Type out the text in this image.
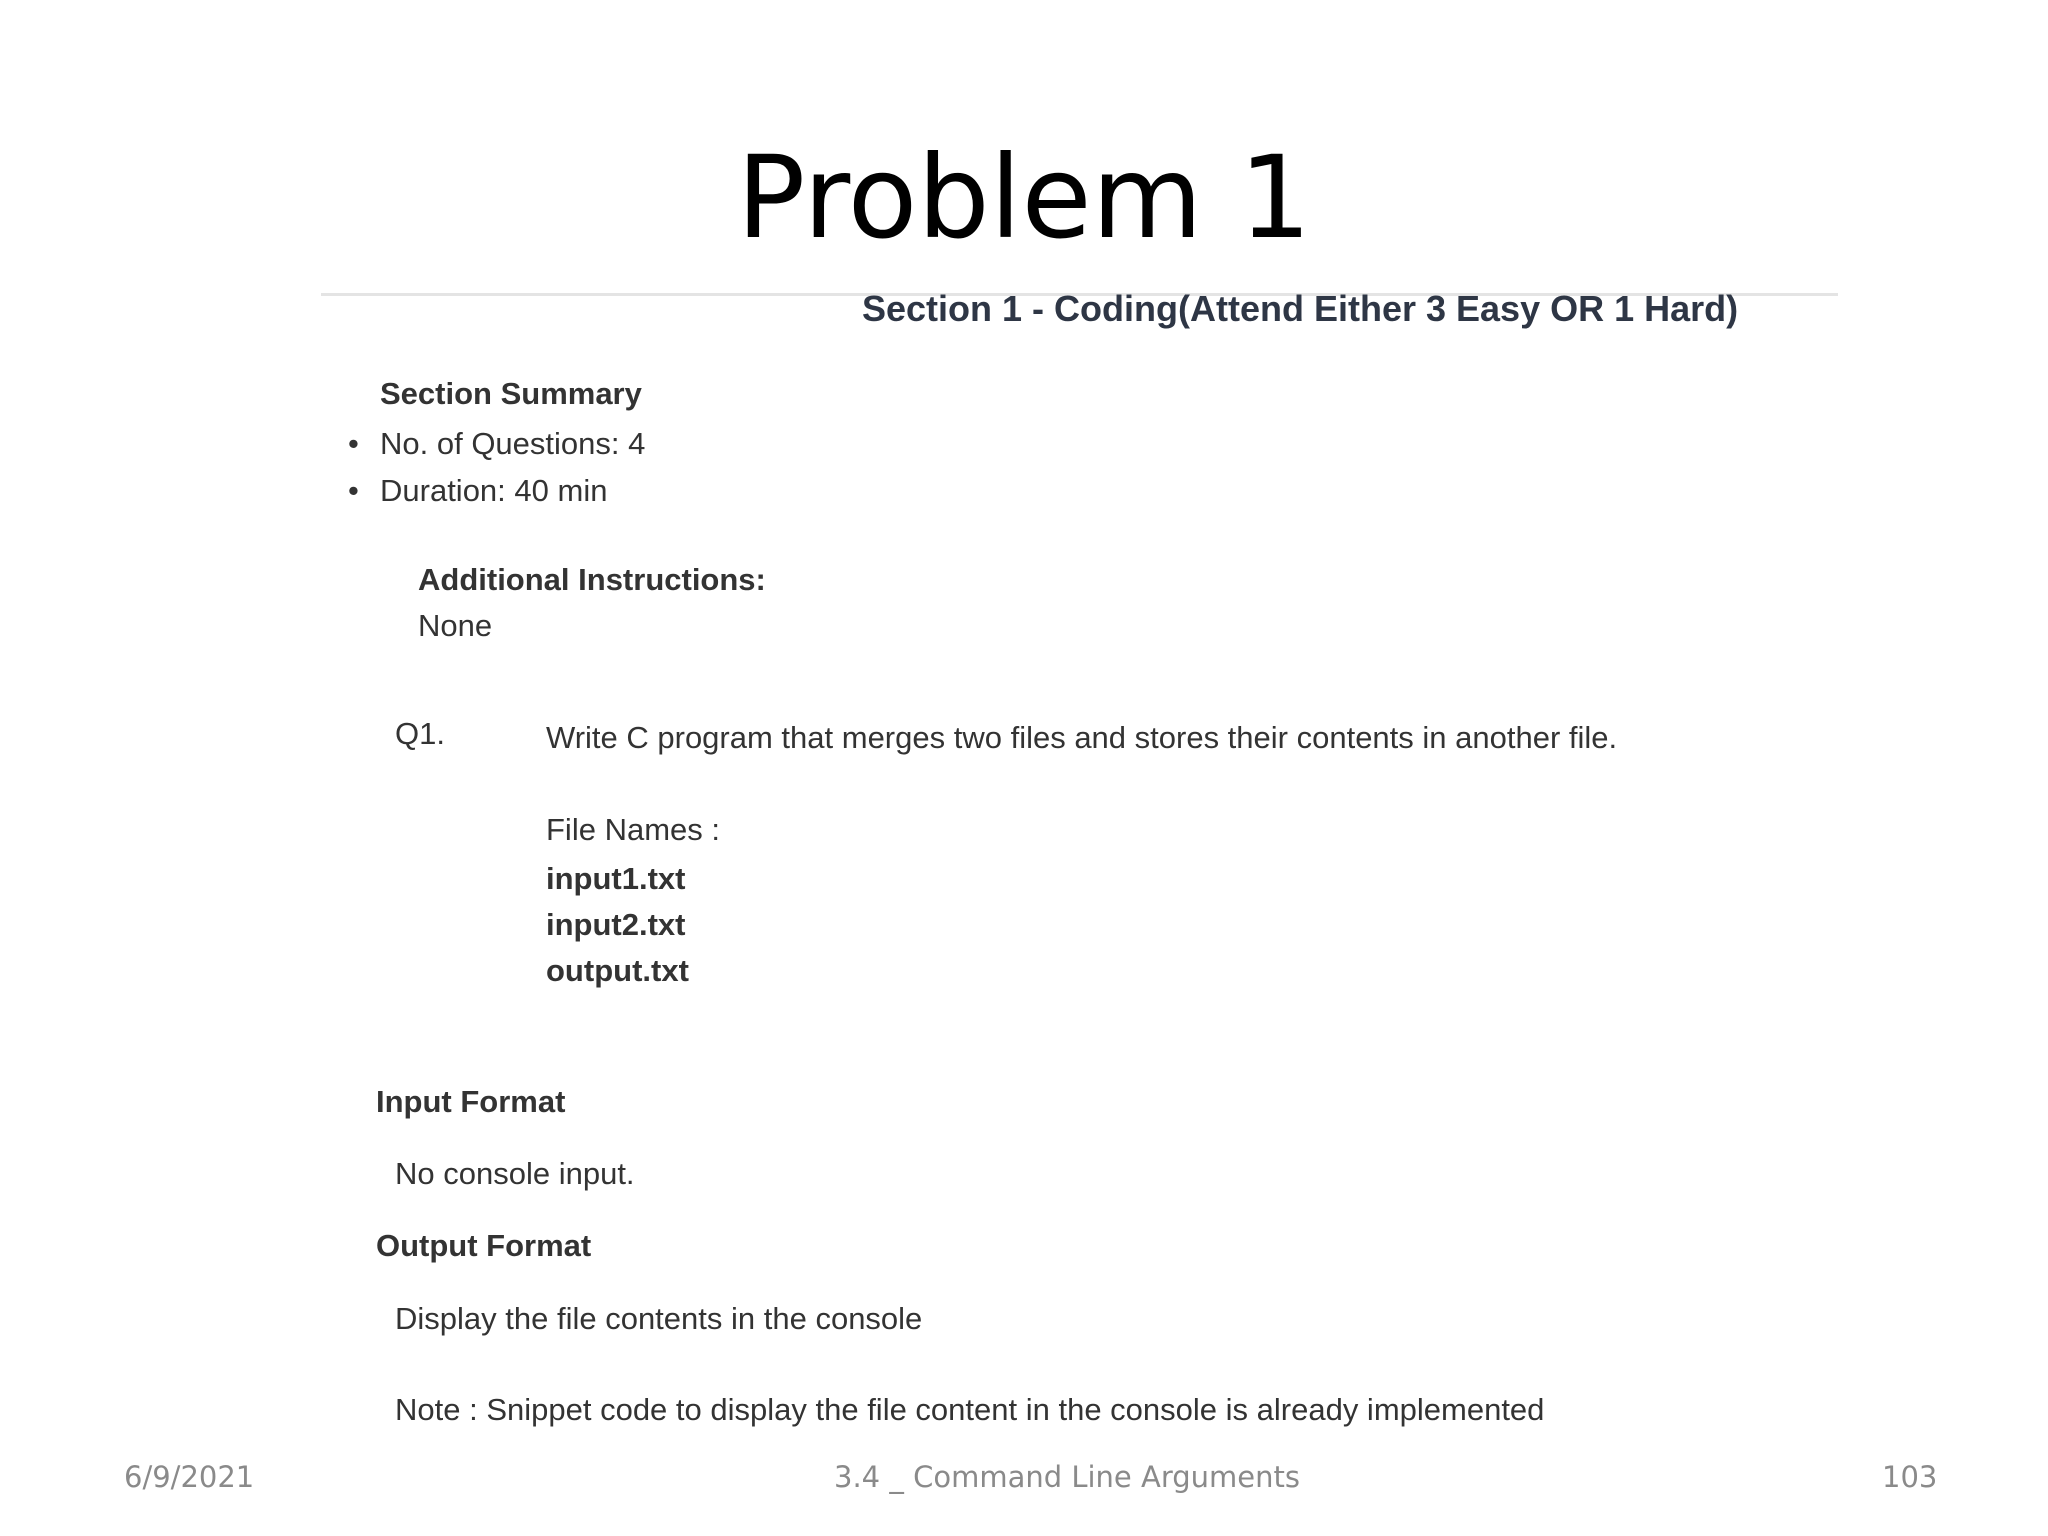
Problem 1
Section 1 - Coding(Attend Either 3 Easy OR 1 Hard)
Section Summary
• No. of Questions: 4
• Duration: 40 min
Additional Instructions:
None
Q1.	Write C program that merges two files and stores their contents in another file.
File Names :
input1.txt
input2.txt
output.txt
Input Format
No console input.
Output Format
Display the file contents in the console
Note : Snippet code to display the file content in the console is already implemented
6/9/2021	3.4 _ Command Line Arguments	103
